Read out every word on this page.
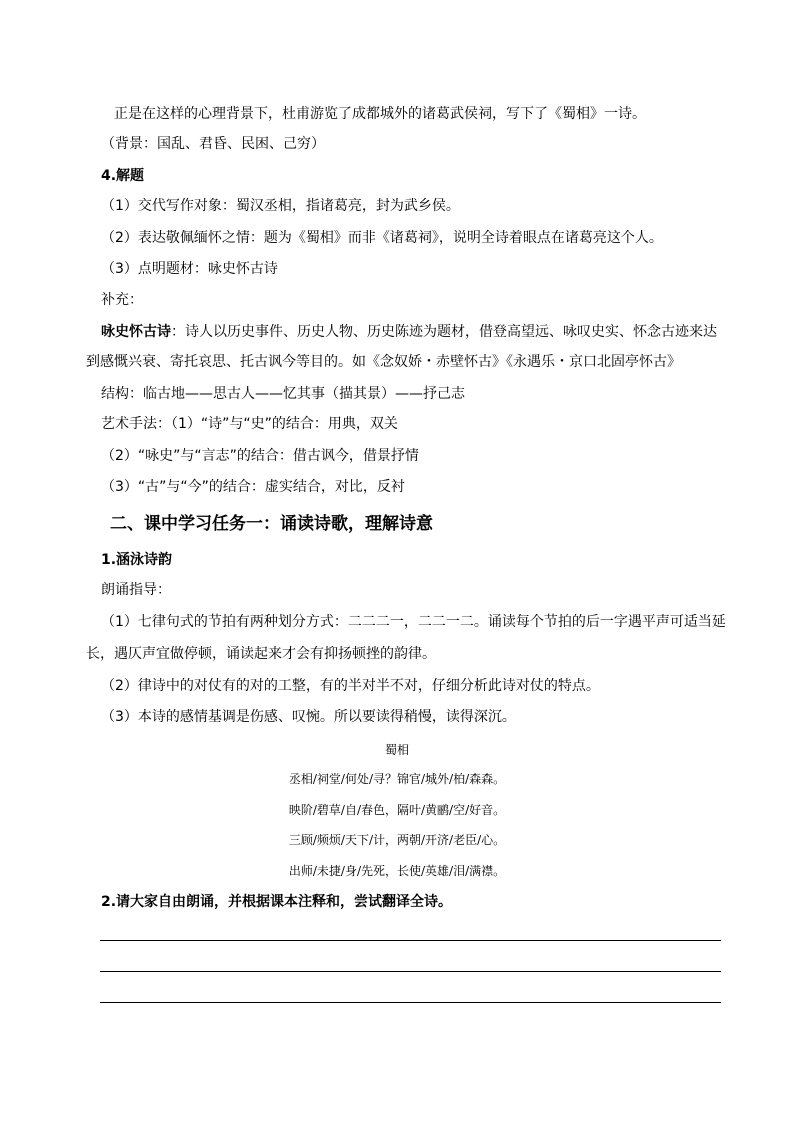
正是在这样的心理背景下，杜甫游览了成都城外的诸葛武侯祠，写下了《蜀相》一诗。
（背景：国乱、君昏、民困、己穷）
4.解题
（1）交代写作对象：蜀汉丞相，指诸葛亮，封为武乡侯。
（2）表达敬佩缅怀之情：题为《蜀相》而非《诸葛祠》，说明全诗着眼点在诸葛亮这个人。
（3）点明题材：咏史怀古诗
补充：
咏史怀古诗：诗人以历史事件、历史人物、历史陈迹为题材，借登高望远、咏叹史实、怀念古迹来达
到感慨兴衰、寄托哀思、托古讽今等目的。如《念奴娇・赤壁怀古》《永遇乐・京口北固亭怀古》
结构：临古地——思古人——忆其事（描其景）——抒己志
艺术手法：（1）“诗”与“史”的结合：用典，双关
（2）“咏史”与“言志”的结合：借古讽今，借景抒情
（3）“古”与“今”的结合：虚实结合，对比，反衬
二、课中学习任务一：诵读诗歌，理解诗意
1.涵泳诗韵
朗诵指导：
（1）七律句式的节拍有两种划分方式：二二二一，二二一二。诵读每个节拍的后一字遇平声可适当延
长，遇仄声宜做停顿，诵读起来才会有抑扬顿挫的韵律。
（2）律诗中的对仗有的对的工整，有的半对半不对，仔细分析此诗对仗的特点。
（3）本诗的感情基调是伤感、叹惋。所以要读得稍慢，读得深沉。
蜀相
丞相/祠堂/何处/寻？锦官/城外/柏/森森。
映阶/碧草/自/春色，隔叶/黄鹂/空/好音。
三顾/频烦/天下/计，两朝/开济/老臣/心。
出师/未捷/身/先死，长使/英雄/泪/满襟。
2.请大家自由朗诵，并根据课本注释和，尝试翻译全诗。
